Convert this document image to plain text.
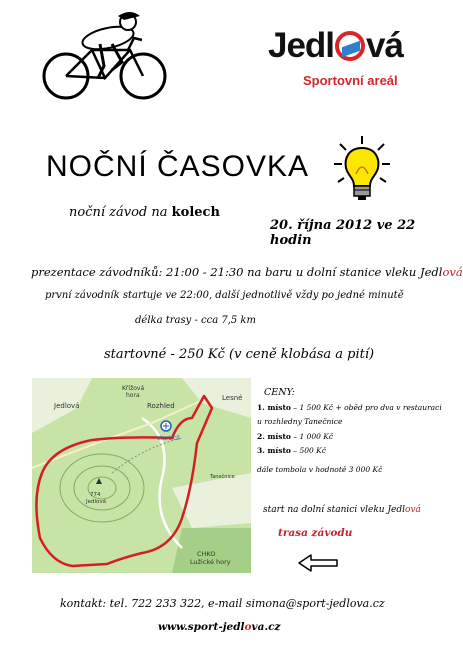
Jedl vá
Sportovní areál
NOČNÍ ČASOVKA
noční závod na kolech
20. října 2012 ve 22 hodin
prezentace závodníků: 21:00 - 21:30 na baru u dolní stanice vleku Jedlová
první závodník startuje ve 22:00, další jednotlivě vždy po jedné minutě
délka trasy - cca 7,5 km
startovné - 250 Kč (v ceně klobása a pití)
Jedlová
Křížová
hora
Rozhled
Lesné
start/cíl
774
Jedlová
CHKO
Lužické hory
Tanečnice
CENY:
1. místo – 1 500 Kč + oběd pro dva v restauraci u rozhledny Tanečnice
2. místo – 1 000 Kč
3. místo – 500 Kč
dále tombola v hodnotě 3 000 Kč
start na dolní stanici vleku Jedlová
trasa závodu
kontakt: tel. 722 233 322, e-mail simona@sport-jedlova.cz
www.sport-jedlova.cz
